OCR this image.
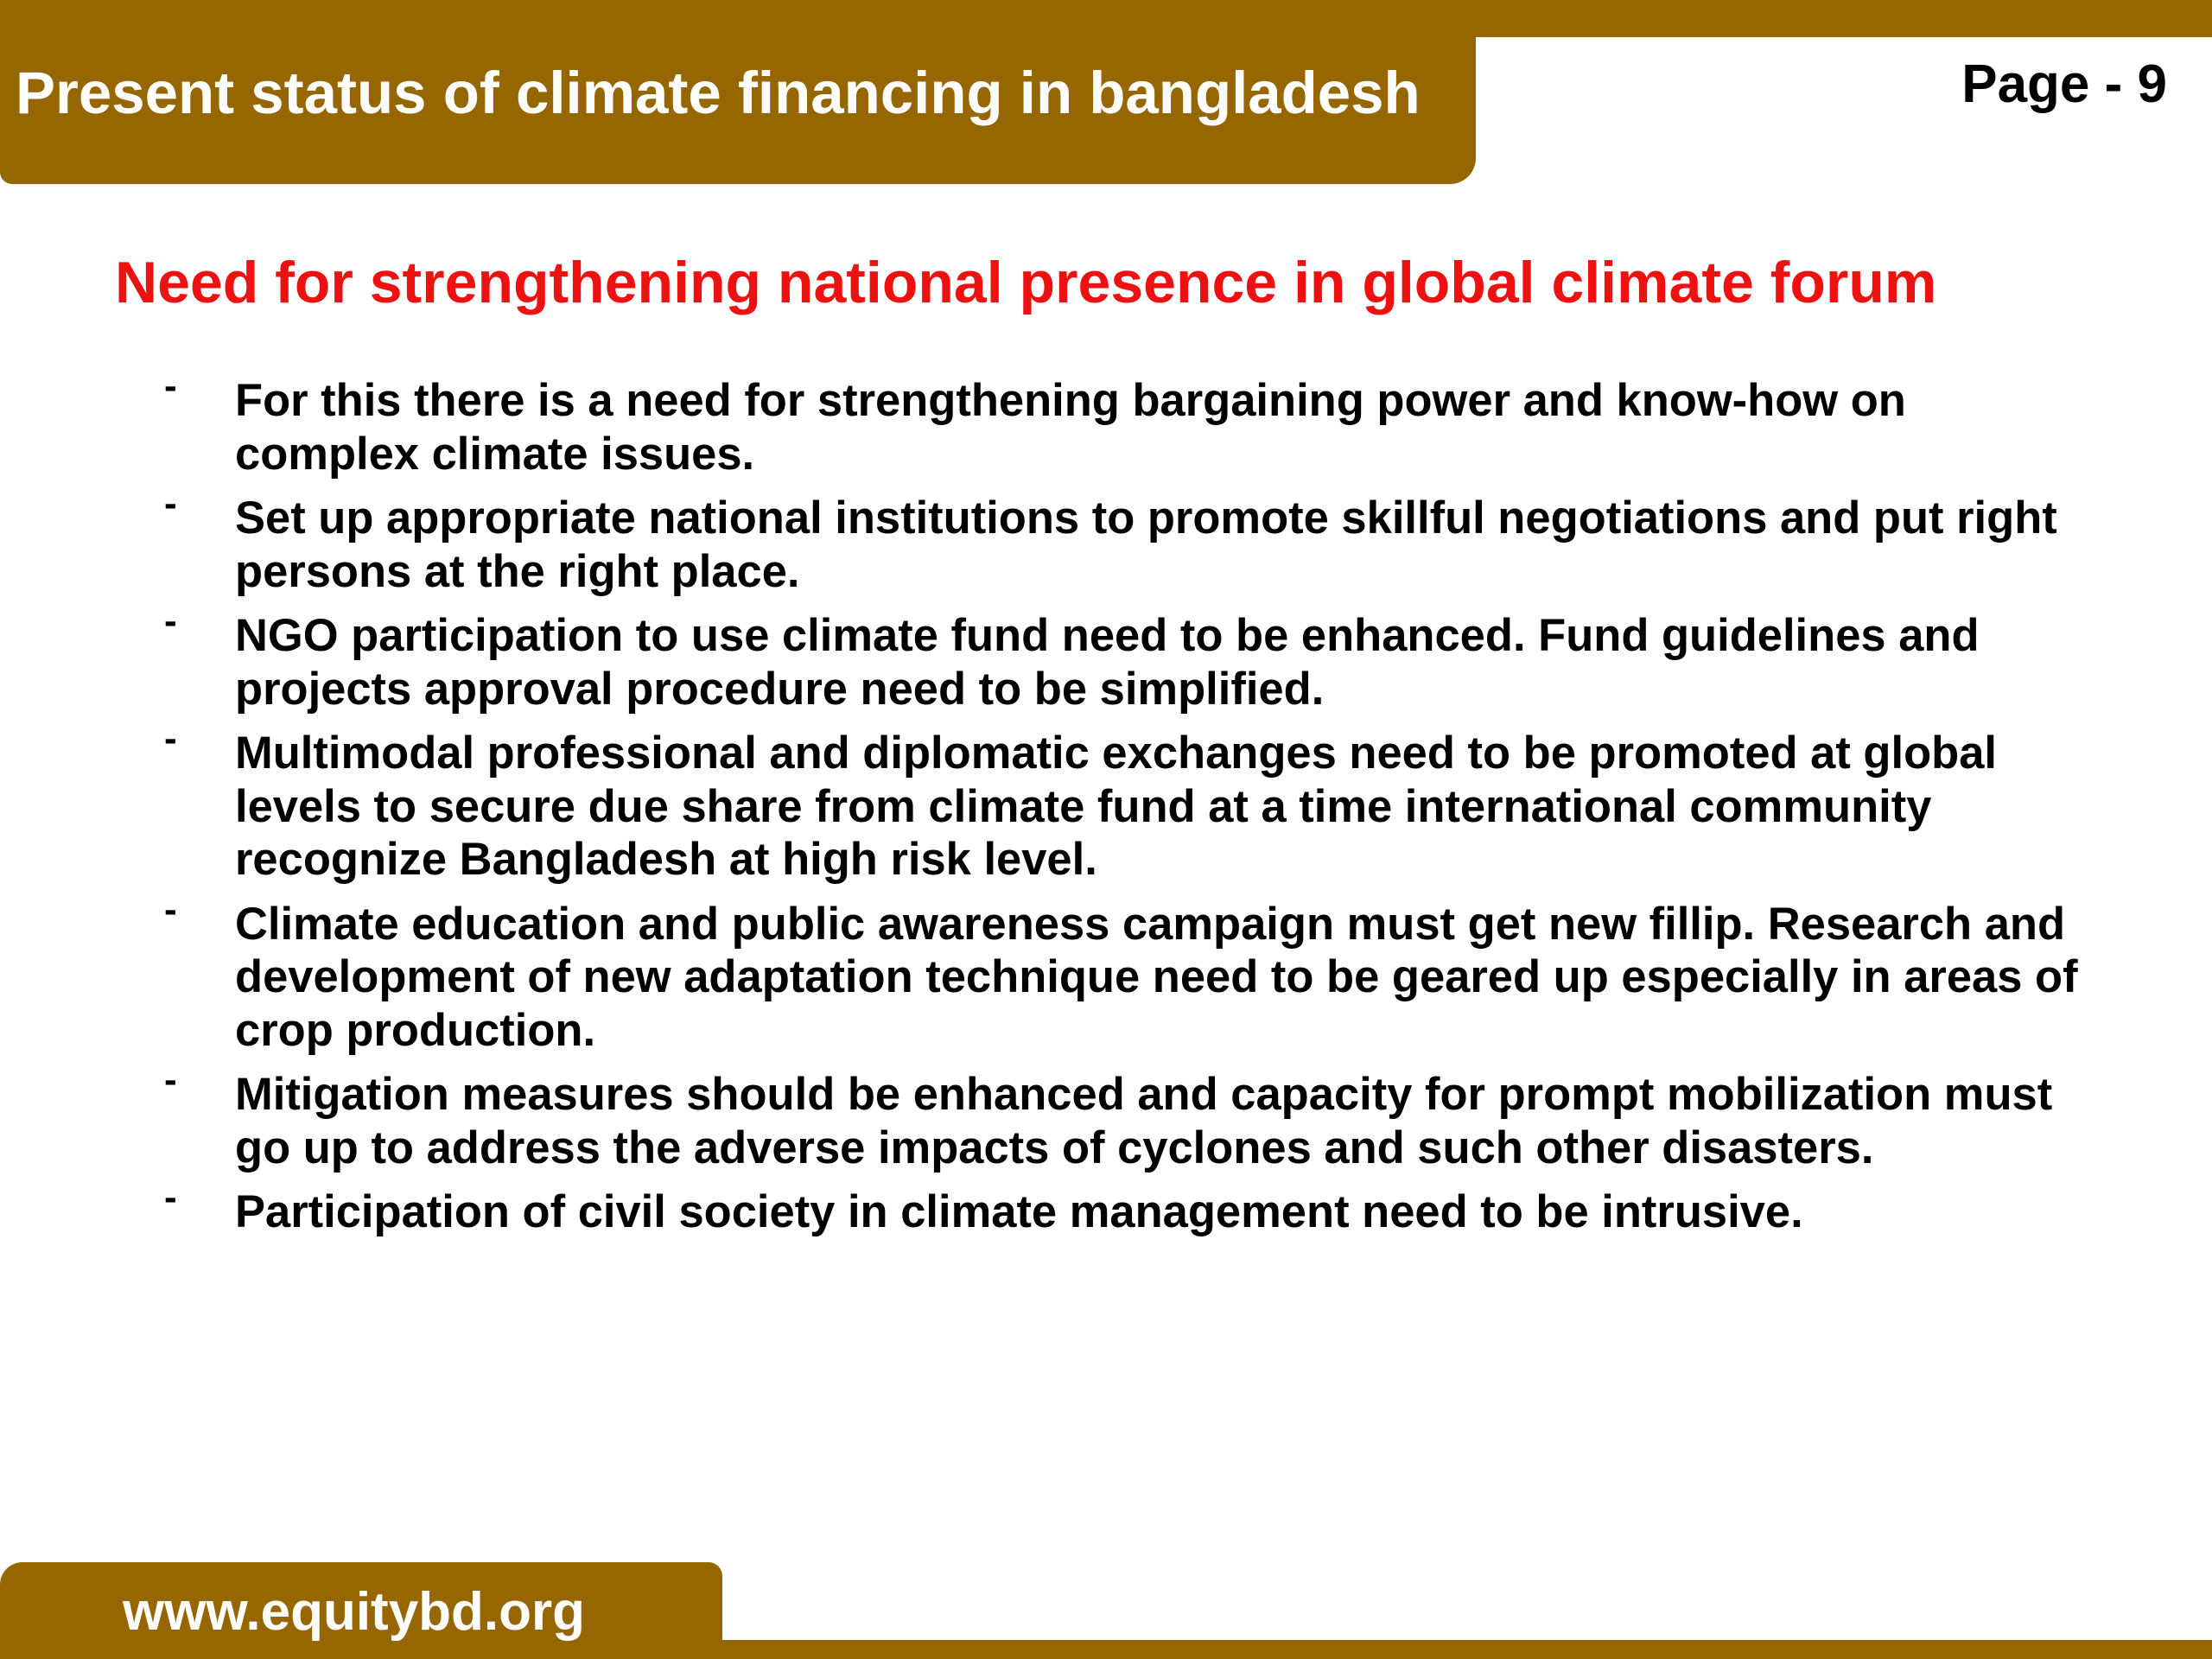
Present status of climate financing in bangladesh	Page - 9
Need for strengthening national presence in global climate forum
- For this there is a need for strengthening bargaining power and know-how on complex climate issues.
- Set up appropriate national institutions to promote skillful negotiations and put right persons at the right place.
- NGO participation to use climate fund need to be enhanced. Fund guidelines and projects approval procedure need to be simplified.
- Multimodal professional and diplomatic exchanges need to be promoted at global levels to secure due share from climate fund at a time international community recognize Bangladesh at high risk level.
- Climate education and public awareness campaign must get new fillip. Research and development of new adaptation technique need to be geared up especially in areas of crop production.
- Mitigation measures should be enhanced and capacity for prompt mobilization must go up to address the adverse impacts of cyclones and such other disasters.
- Participation of civil society in climate management need to be intrusive.
www.equitybd.org
